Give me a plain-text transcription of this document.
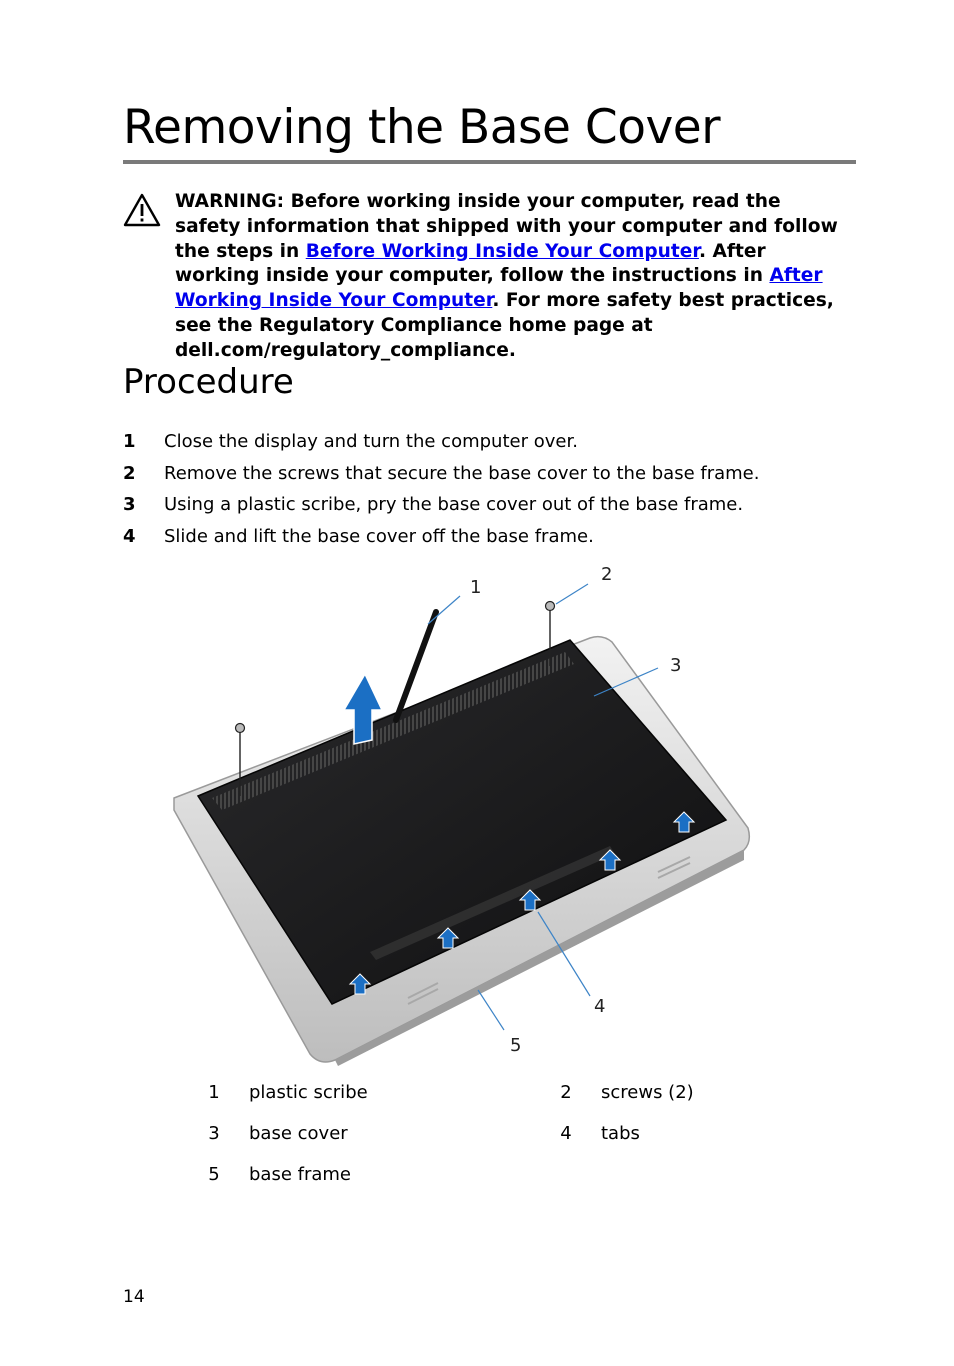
Removing the Base Cover
WARNING: Before working inside your computer, read the safety information that shipped with your computer and follow the steps in Before Working Inside Your Computer. After working inside your computer, follow the instructions in After Working Inside Your Computer. For more safety best practices, see the Regulatory Compliance home page at dell.com/regulatory_compliance.
Procedure
1 Close the display and turn the computer over.
2 Remove the screws that secure the base cover to the base frame.
3 Using a plastic scribe, pry the base cover out of the base frame.
4 Slide and lift the base cover off the base frame.
1
2
3
4
5
1 plastic scribe	2 screws (2)
3 base cover	4 tabs
5 base frame
14
